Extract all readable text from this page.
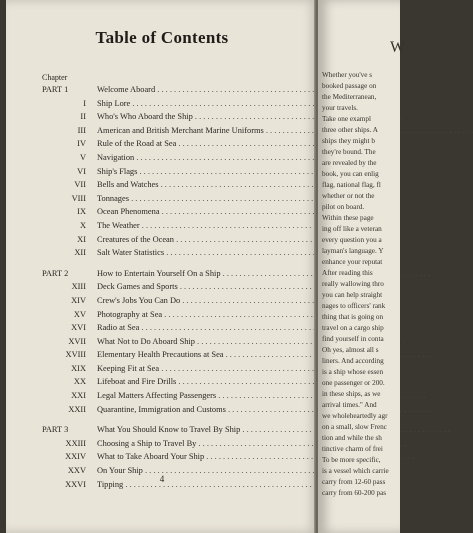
Table of Contents
Chapter
PART 1	Welcome Aboard . . .
I Ship Lore . . .
II Who's Who Aboard the Ship . . .
III American and British Merchant Marine Uniforms . . .
IV Rule of the Road at Sea . . .
V Navigation . . .
VI Ship's Flags . . .
VII Bells and Watches . . .
VIII Tonnages . . .
IX Ocean Phenomena . . .
X The Weather . . .
XI Creatures of the Ocean . . .
XII Salt Water Statistics . . .
PART 2	How to Entertain Yourself On a Ship . . .
XIII Deck Games and Sports . . .
XIV Crew's Jobs You Can Do . . .
XV Photography at Sea . . .
XVI Radio at Sea . . .
XVII What Not to Do Aboard Ship . . .
XVIII Elementary Health Precautions at Sea . . .
XIX Keeping Fit at Sea . . .
XX Lifeboat and Fire Drills . . .
XXI Legal Matters Affecting Passengers . . .
XXII Quarantine, Immigration and Customs . . .
PART 3	What You Should Know to Travel By Ship . . .
XXIII Choosing a Ship to Travel By . . .
XXIV What to Take Aboard Your Ship . . .
XXV On Your Ship . . .
XXVI Tipping . . .
4
W
Whether you've s
booked passage on
the Mediterranean,
your travels.
Take one exampl
three other ships. A
ships they might b
they're bound. The
are revealed by the
book, you can enlig
flag, national flag, fl
whether or not the
pilot on board.
Within these page
ing off like a veteran
every question you a
layman's language. Y
enhance your reputat
After reading this
really wallowing thro
you can help straight
nages to officers' rank
thing that is going on
travel on a cargo ship
find yourself in conta
Oh yes, almost all s
liners. And according
is a ship whose essen
one passenger or 200.
in these ships, as we
arrival times." And
we wholeheartedly agr
on a small, slow Frenc
tion and while the sh
tinctive charm of frei
To be more specific,
is a vessel which carrie
carry from 12-60 pass
carry from 60-200 pas
